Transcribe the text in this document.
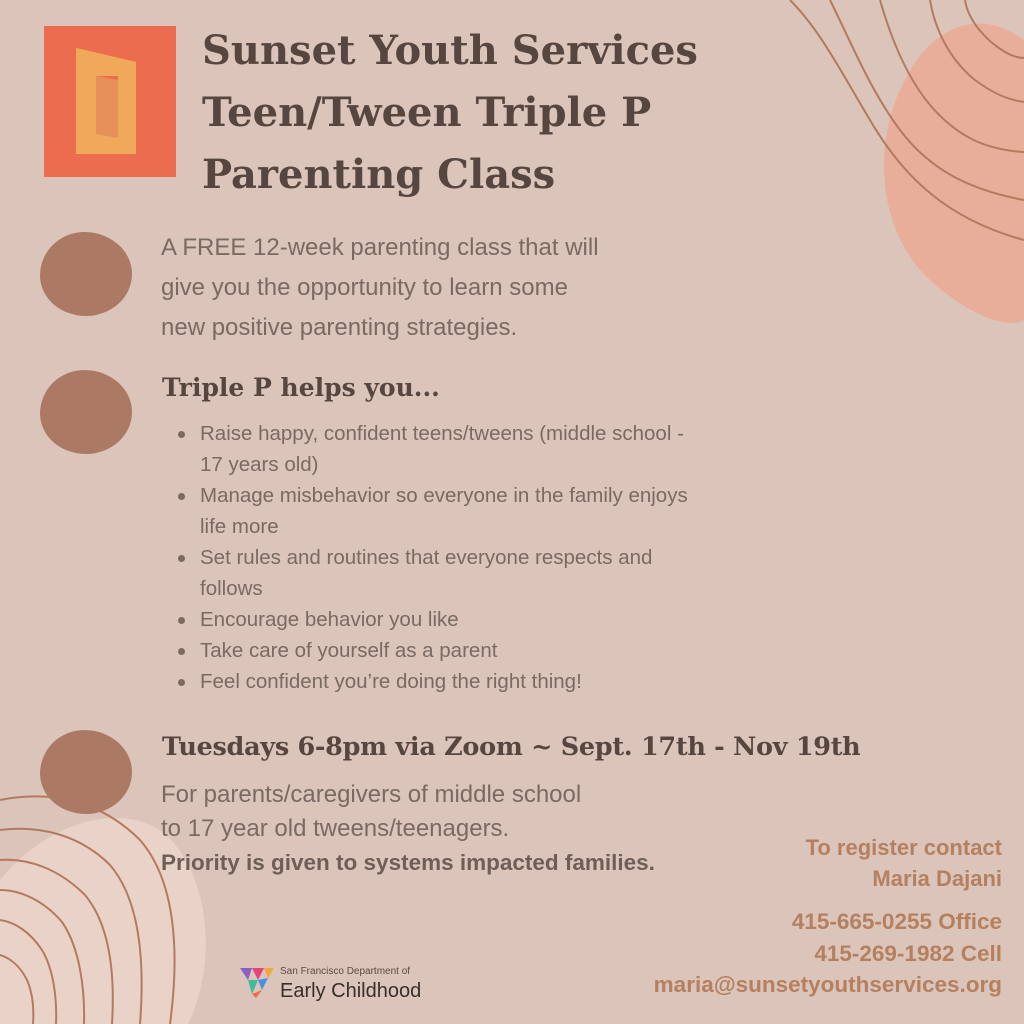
Sunset Youth Services
Teen/Tween Triple P
Parenting Class

A FREE 12-week parenting class that will
give you the opportunity to learn some
new positive parenting strategies.

Triple P helps you...
Raise happy, confident teens/tweens (middle school -
17 years old)
Manage misbehavior so everyone in the family enjoys
life more
Set rules and routines that everyone respects and
follows
Encourage behavior you like
Take care of yourself as a parent
Feel confident you’re doing the right thing!
Tuesdays 6-8pm via Zoom ~ Sept. 17th - Nov 19th

For parents/caregivers of middle school
to 17 year old tweens/teenagers.
Priority is given to systems impacted families.

To register contact
Maria Dajani
415-665-0255 Office
415-269-1982 Cell
maria@sunsetyouthservices.org
San Francisco Department of
Early Childhood
